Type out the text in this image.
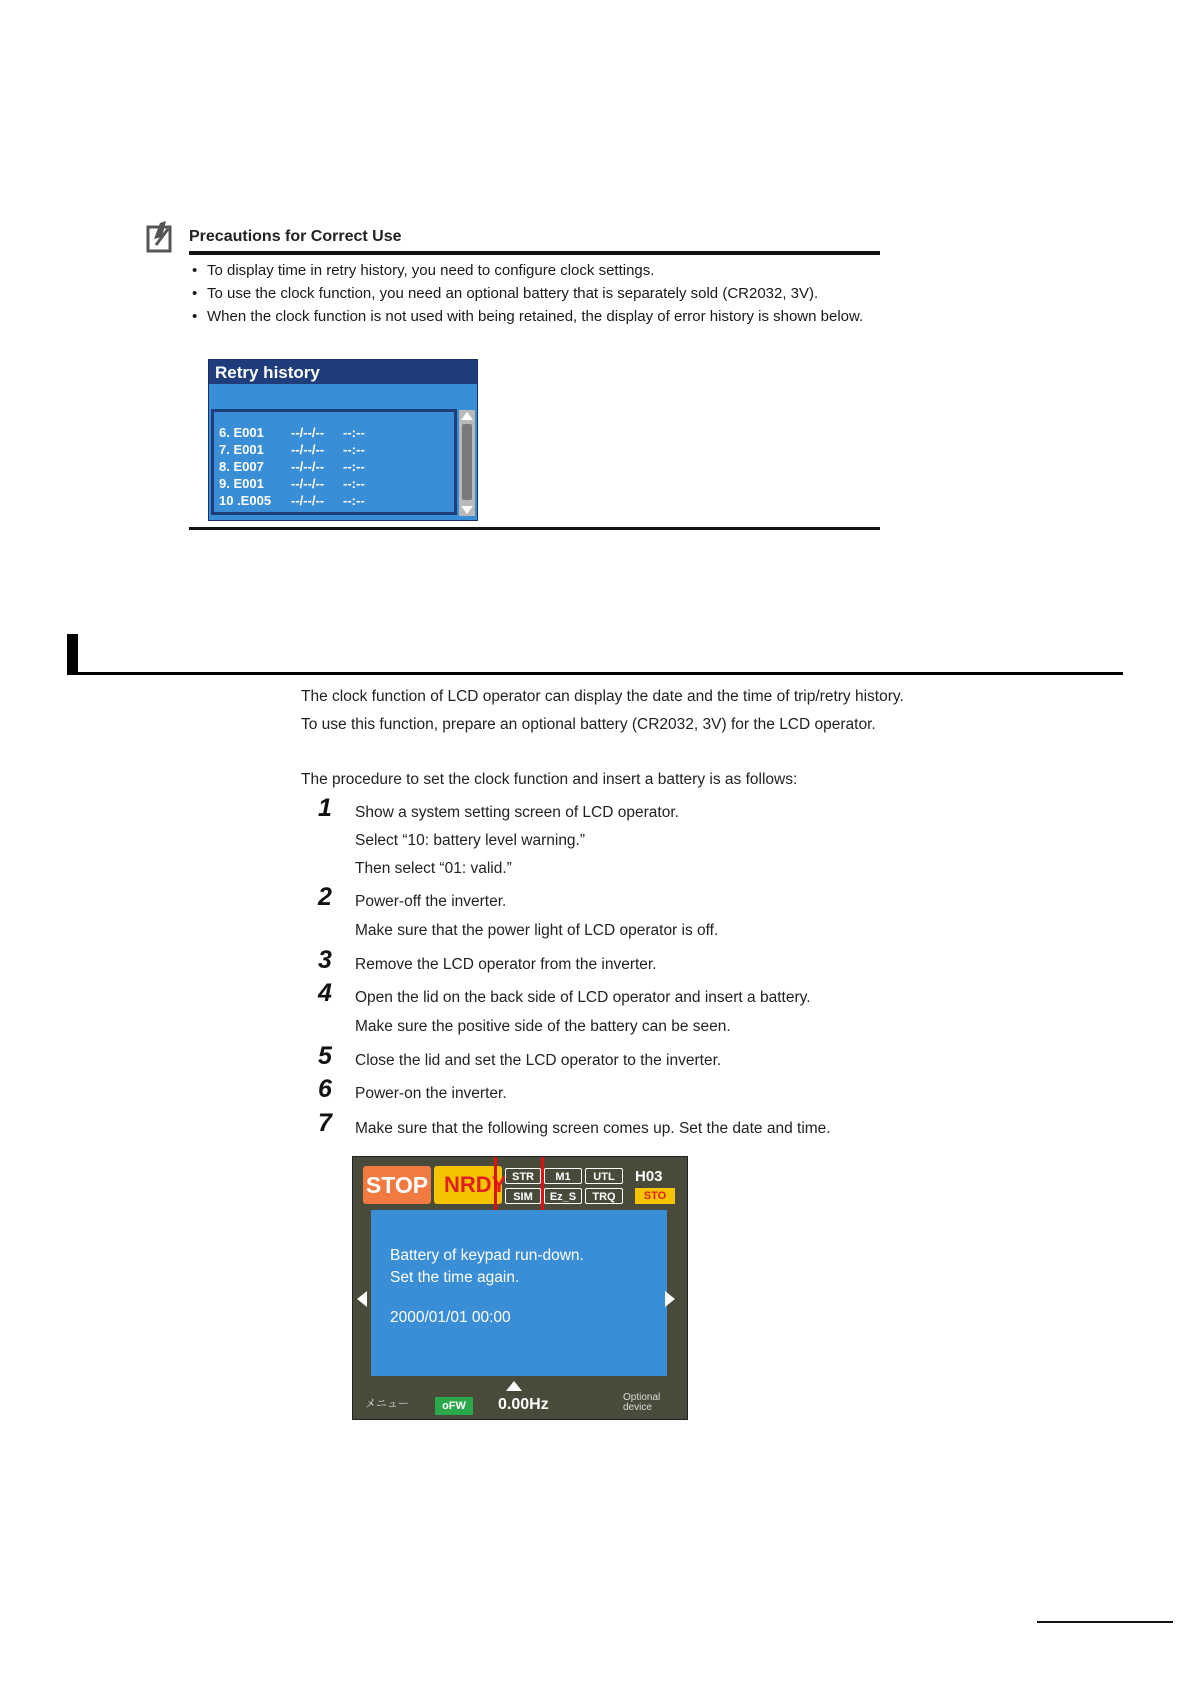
Precautions for Correct Use
• To display time in retry history, you need to configure clock settings.
• To use the clock function, you need an optional battery that is separately sold (CR2032, 3V).
• When the clock function is not used with being retained, the display of error history is shown below.
Retry history
6. E001 --/--/-- --:--
7. E001 --/--/-- --:--
8. E007 --/--/-- --:--
9. E001 --/--/-- --:--
10 .E005 --/--/-- --:--
The clock function of LCD operator can display the date and the time of trip/retry history.
To use this function, prepare an optional battery (CR2032, 3V) for the LCD operator.
The procedure to set the clock function and insert a battery is as follows:
1 Show a system setting screen of LCD operator.
Select “10: battery level warning.”
Then select “01: valid.”
2 Power-off the inverter.
Make sure that the power light of LCD operator is off.
3 Remove the LCD operator from the inverter.
4 Open the lid on the back side of LCD operator and insert a battery.
Make sure the positive side of the battery can be seen.
5 Close the lid and set the LCD operator to the inverter.
6 Power-on the inverter.
7 Make sure that the following screen comes up. Set the date and time.
STOP NRDY STR	M1	UTL
SIM	Ez_S	TRQ
H03
STO
Battery of keypad run-down.
Set the time again.
2000/01/01 00:00
メニュー	oFW	0.00Hz	Optional
device
